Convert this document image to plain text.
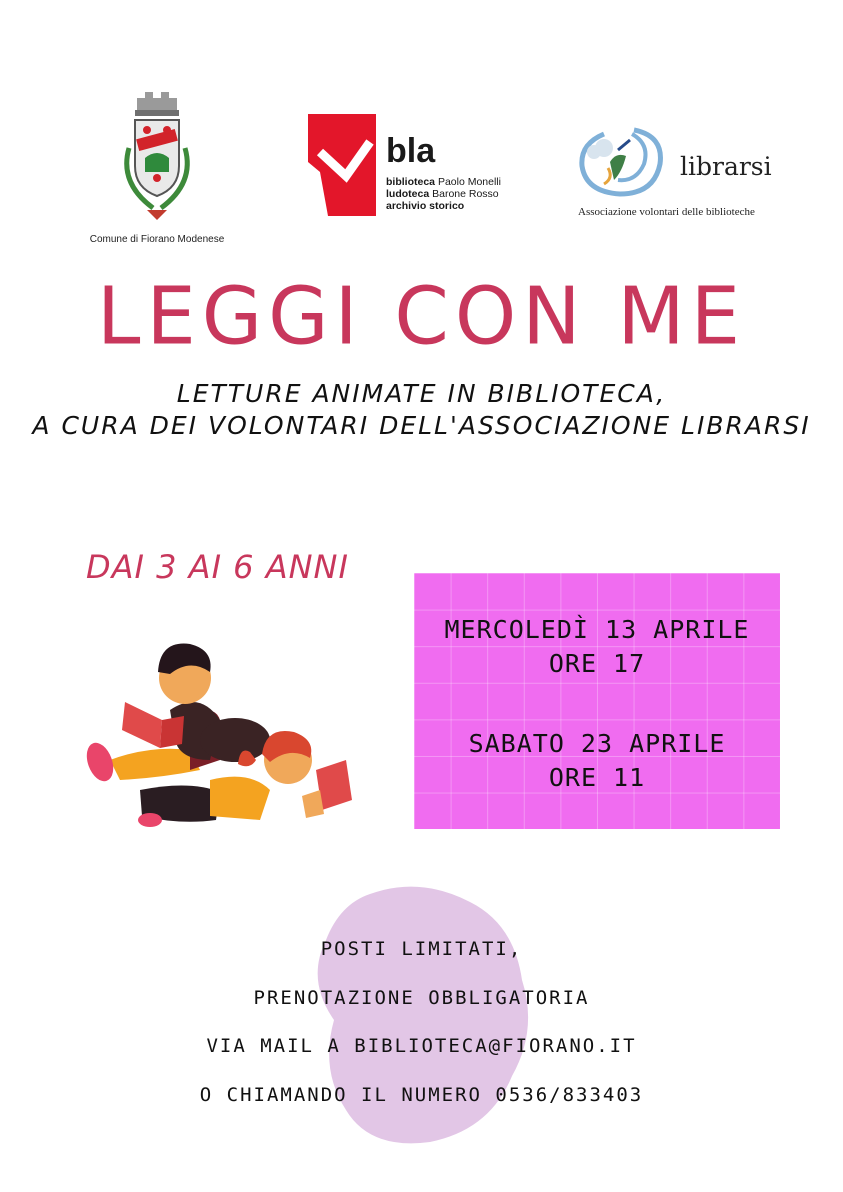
Comune di Fiorano Modenese
bla
biblioteca Paolo Monelli
ludoteca Barone Rosso
archivio storico
librarsi
Associazione volontari delle biblioteche
LEGGI CON ME
LETTURE ANIMATE IN BIBLIOTECA,
A CURA DEI VOLONTARI DELL'ASSOCIAZIONE LIBRARSI
DAI 3 AI 6 ANNI
MERCOLEDÌ 13 APRILE
ORE 17
SABATO 23 APRILE
ORE 11
POSTI LIMITATI,
PRENOTAZIONE OBBLIGATORIA
VIA MAIL A BIBLIOTECA@FIORANO.IT
O CHIAMANDO IL NUMERO 0536/833403
